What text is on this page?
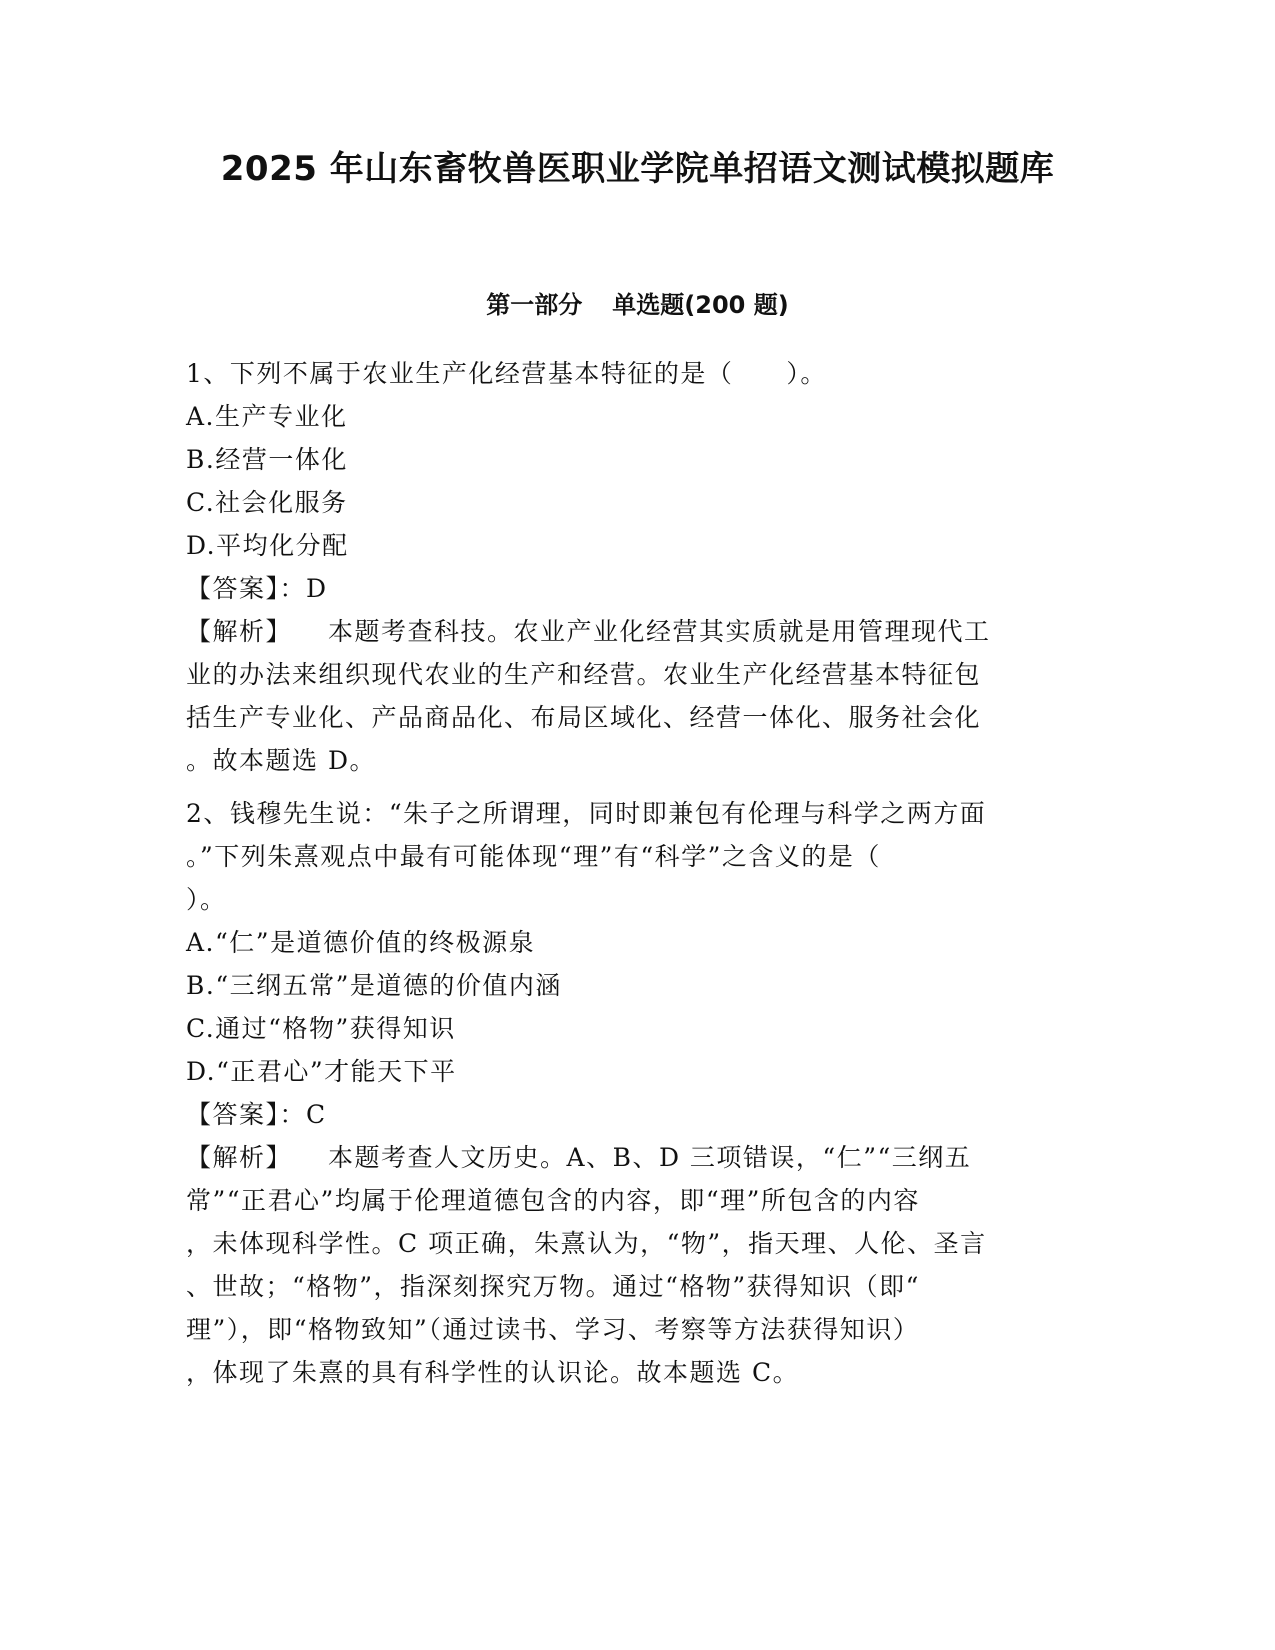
2025 年山东畜牧兽医职业学院单招语文测试模拟题库
第一部分 单选题(200 题)
1、下列不属于农业生产化经营基本特征的是（　　）。
A.生产专业化
B.经营一体化
C.社会化服务
D.平均化分配
【答案】：D
【解析】 本题考查科技。农业产业化经营其实质就是用管理现代工
业的办法来组织现代农业的生产和经营。农业生产化经营基本特征包
括生产专业化、产品商品化、布局区域化、经营一体化、服务社会化
。故本题选 D。
2、钱穆先生说：“朱子之所谓理，同时即兼包有伦理与科学之两方面
。”下列朱熹观点中最有可能体现“理”有“科学”之含义的是（
）。
A.“仁”是道德价值的终极源泉
B.“三纲五常”是道德的价值内涵
C.通过“格物”获得知识
D.“正君心”才能天下平
【答案】：C
【解析】 本题考查人文历史。A、B、D 三项错误，“仁”“三纲五
常”“正君心”均属于伦理道德包含的内容，即“理”所包含的内容
，未体现科学性。C 项正确，朱熹认为，“物”，指天理、人伦、圣言
、世故；“格物”，指深刻探究万物。通过“格物”获得知识（即“
理”），即“格物致知”（通过读书、学习、考察等方法获得知识）
，体现了朱熹的具有科学性的认识论。故本题选 C。
